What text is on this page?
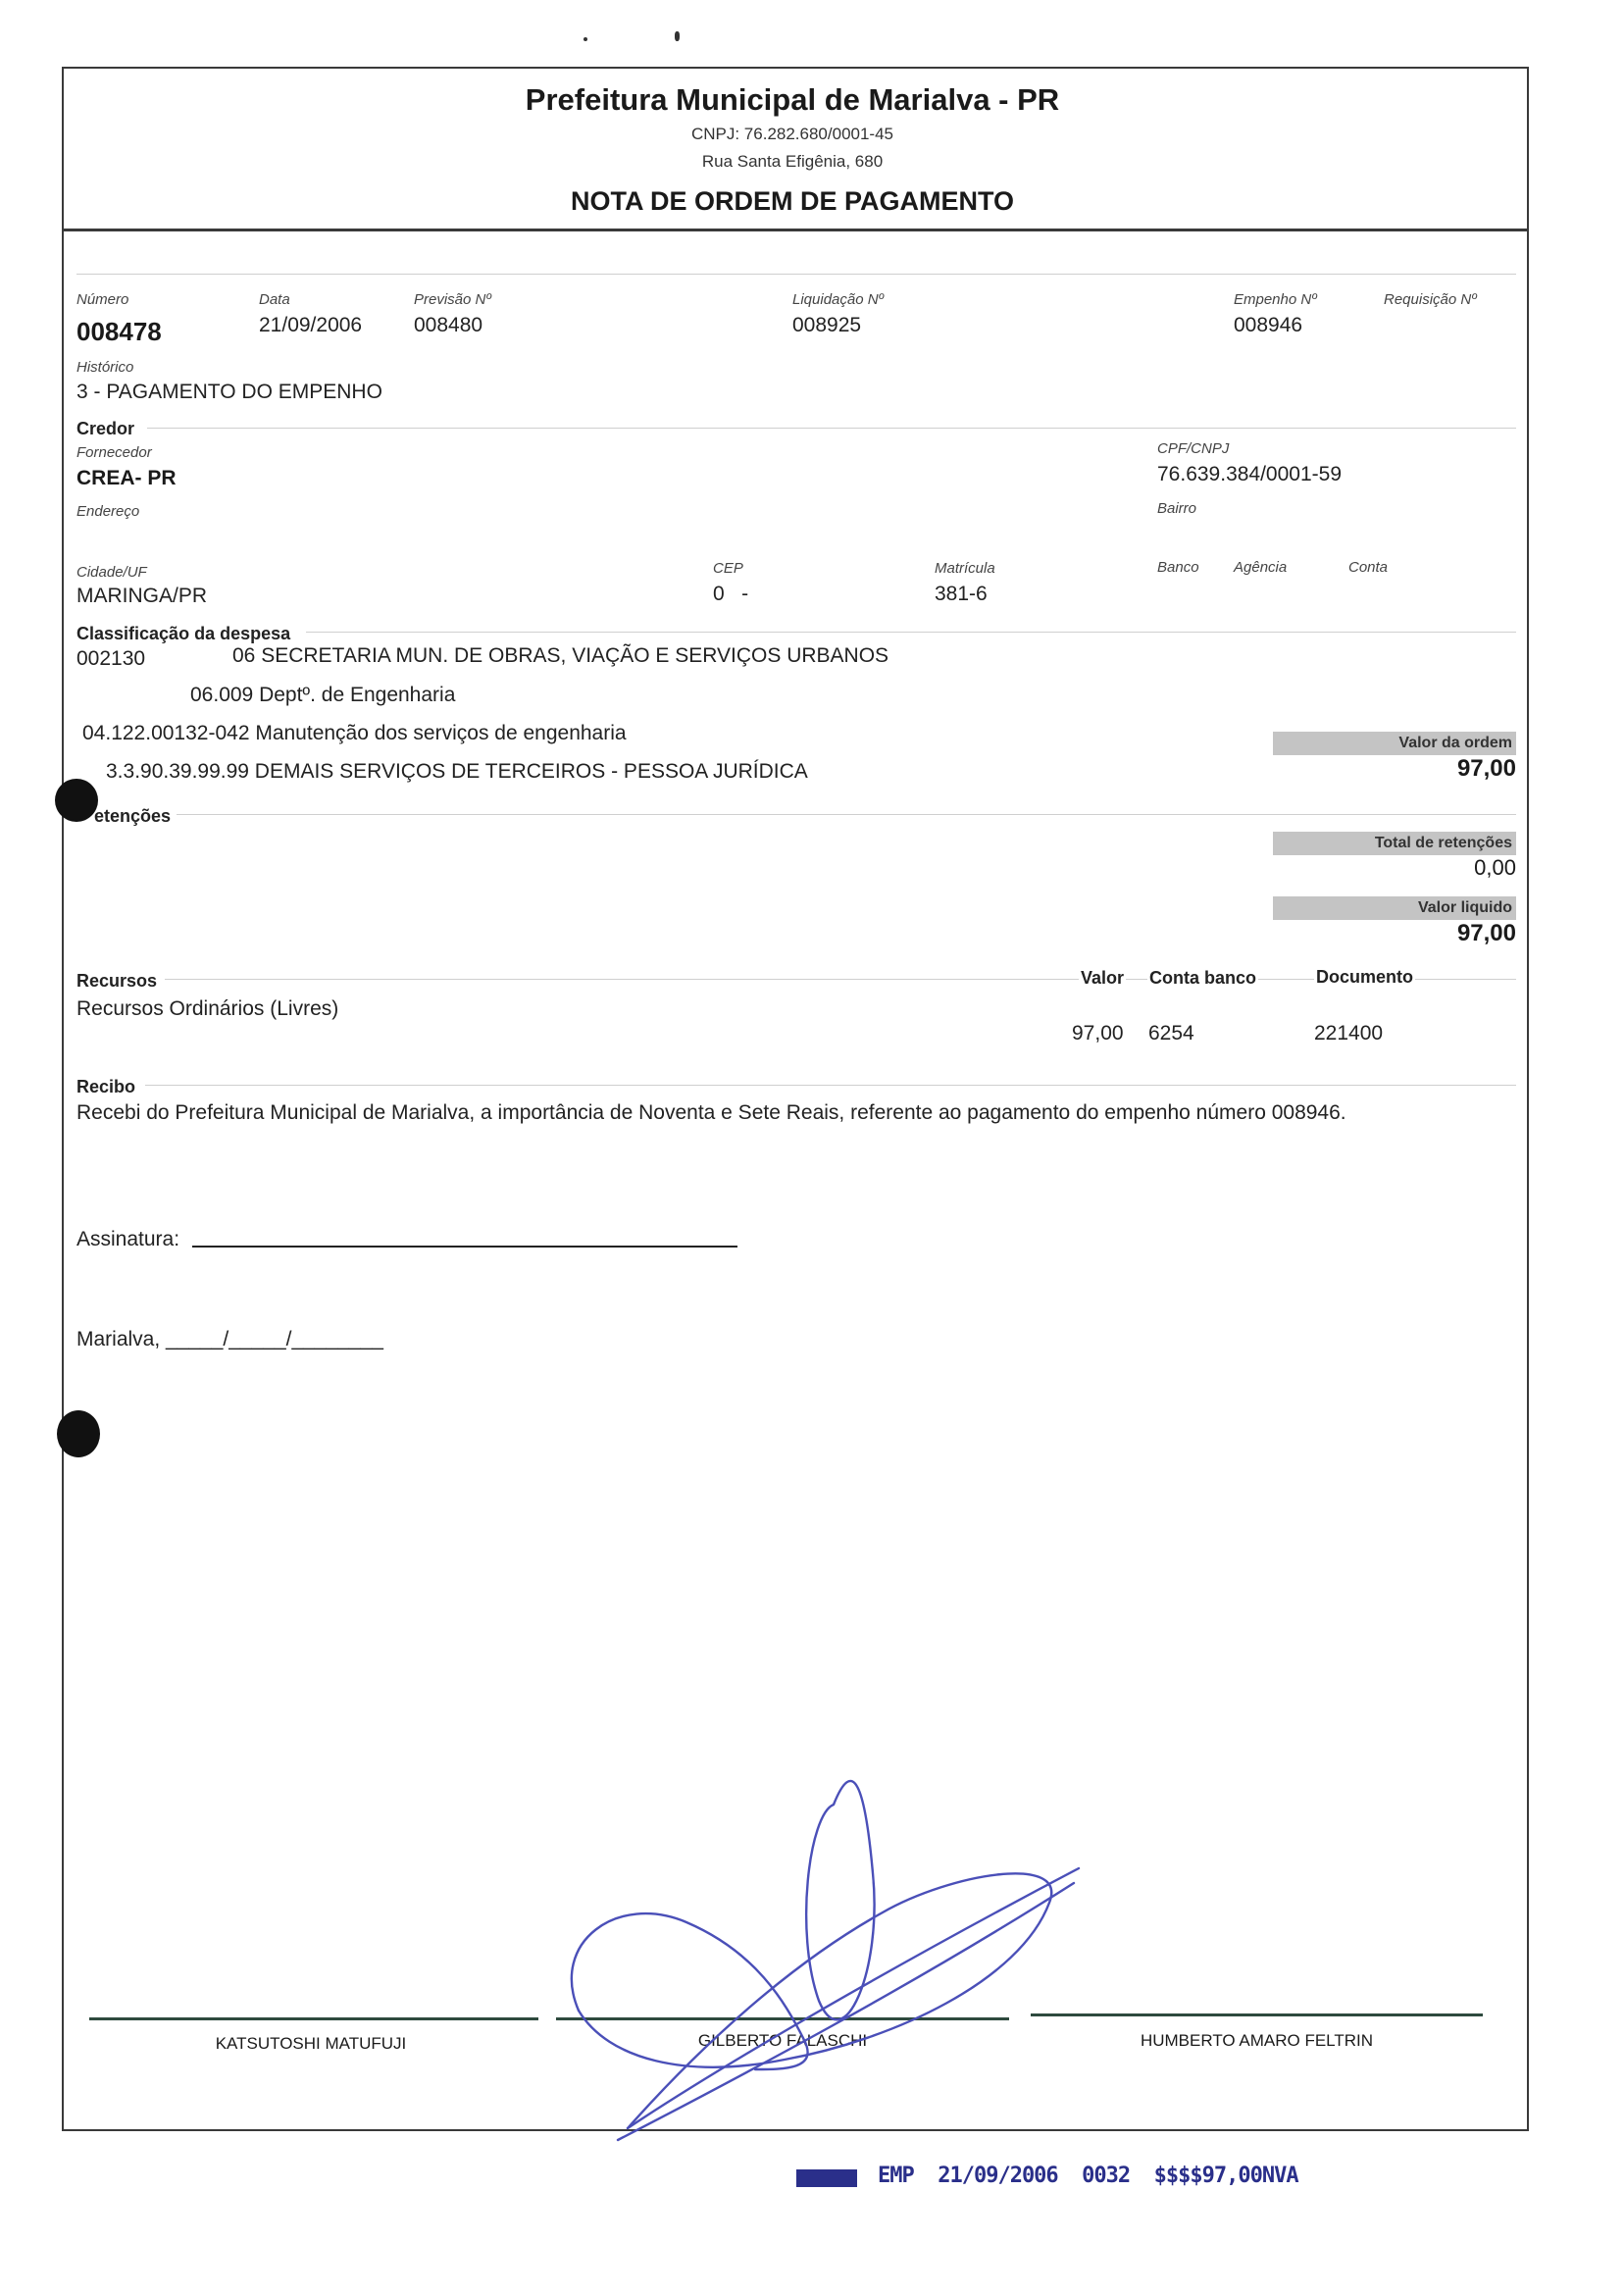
Prefeitura Municipal de Marialva - PR
CNPJ: 76.282.680/0001-45
Rua Santa Efigênia, 680
NOTA DE ORDEM DE PAGAMENTO
Número
008478
Data
21/09/2006
Previsão Nº
008480
Liquidação Nº
008925
Empenho Nº
008946
Requisição Nº
Histórico
3 - PAGAMENTO DO EMPENHO
Credor
Fornecedor
CREA- PR
CPF/CNPJ
76.639.384/0001-59
Endereço	Bairro
Cidade/UF
MARINGA/PR
CEP
0   -
Matrícula
381-6
Banco Agência	Conta
Classificação da despesa
002130	06 SECRETARIA MUN. DE OBRAS, VIAÇÃO E SERVIÇOS URBANOS
06.009 Deptº. de Engenharia
04.122.00132-042 Manutenção dos serviços de engenharia
3.3.90.39.99.99 DEMAIS SERVIÇOS DE TERCEIROS - PESSOA JURÍDICA
Valor da ordem
97,00
etenções
Total de retenções
0,00
Valor liquido
97,00
Recursos	Valor Conta banco	Documento
Recursos Ordinários (Livres)
97,00 6254	221400
Recibo
Recebi do Prefeitura Municipal de Marialva, a importância de Noventa e Sete Reais, referente ao pagamento do empenho número 008946.
Assinatura:
Marialva, _____/_____/________
KATSUTOSHI MATUFUJI	GILBERTO FALASCHI	HUMBERTO AMARO FELTRIN
EMP  21/09/2006  0032  $$$$97,00NVA
